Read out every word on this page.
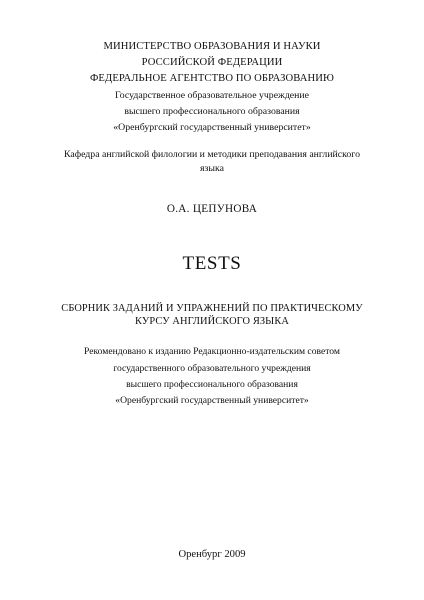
МИНИСТЕРСТВО ОБРАЗОВАНИЯ И НАУКИ
РОССИЙСКОЙ ФЕДЕРАЦИИ
ФЕДЕРАЛЬНОЕ АГЕНТСТВО ПО ОБРАЗОВАНИЮ
Государственное образовательное учреждение
высшего профессионального образования
«Оренбургский государственный университет»
Кафедра английской филологии и методики преподавания английского
языка
О.А. ЦЕПУНОВА
TESTS
СБОРНИК ЗАДАНИЙ И УПРАЖНЕНИЙ ПО ПРАКТИЧЕСКОМУ
КУРСУ АНГЛИЙСКОГО ЯЗЫКА
Рекомендовано к изданию Редакционно-издательским советом
государственного образовательного учреждения
высшего профессионального образования
«Оренбургский государственный университет»
Оренбург 2009
